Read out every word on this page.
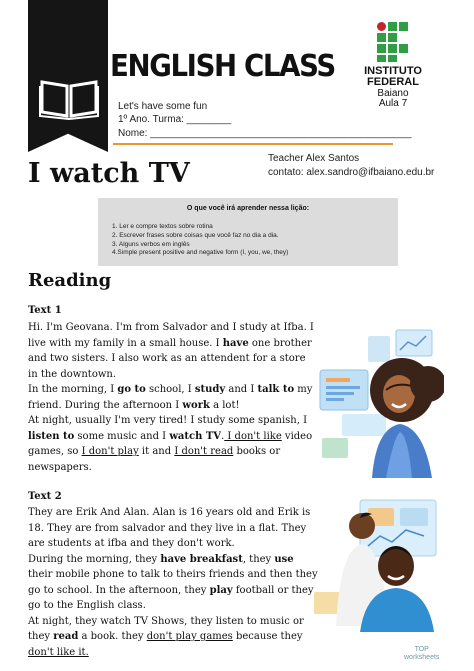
ENGLISH CLASS
Let's have some fun
1º Ano. Turma: ________
Nome: _______________________________________________
INSTITUTO
FEDERAL
Baiano
Aula 7
I watch TV	Teacher Alex Santos
contato: alex.sandro@ifbaiano.edu.br
O que você irá aprender nessa lição:
1. Ler e compre textos sobre rotina
2. Escrever frases sobre coisas que você faz no dia a dia.
3. Alguns verbos em inglês
4.Simple present positive and negative form (I, you, we, they)
Reading
Text 1
Hi. I'm Geovana. I'm from Salvador and I study at Ifba. I live with my family in a small house. I have one brother and two sisters. I also work as an attendent for a store in the downtown.
In the morning, I go to school, I study and I talk to my friend. During the afternoon I work a lot!
At night, usually I'm very tired! I study some spanish, I listen to some music and I watch TV. I don't like video games, so I don't play it and I don't read books or newspapers.
Text 2
They are Erik And Alan. Alan is 16 years old and Erik is 18. They are from salvador and they live in a flat. They are students at ifba and they don't work.
During the morning, they have breakfast, they use their mobile phone to talk to theirs friends and then they go to school. In the afternoon, they play football or they go to the English class.
At night, they watch TV Shows, they listen to music or they read a book. they don't play games because they don't like it.	TOP
worksheets
